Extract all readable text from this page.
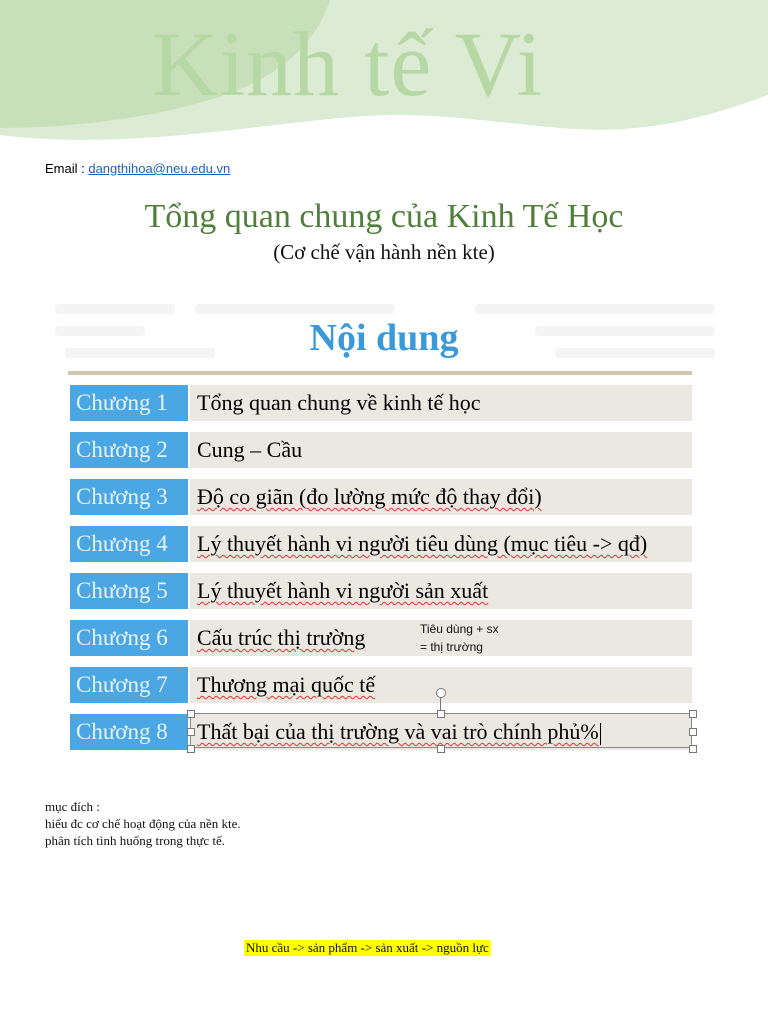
Kinh tế Vi
Email : dangthihoa@neu.edu.vn
Tổng quan chung của Kinh Tế Học
(Cơ chế vận hành nền kte)
Nội dung
Chương 1	Tổng quan chung về kinh tế học
Chương 2	Cung – Cầu
Chương 3	Độ co giãn (đo lường mức độ thay đổi)
Chương 4	Lý thuyết hành vi người tiêu dùng (mục tiêu -> qđ)
Chương 5	Lý thuyết hành vi người sản xuất
Chương 6	Cấu trúc thị trường
Chương 7	Thương mại quốc tế
Chương 8	Thất bại của thị trường và vai trò chính phủ%
Tiêu dùng + sx
= thị trường
mục đích :
hiểu đc cơ chế hoạt động của nền kte.
phân tích tình huống trong thực tế.
Nhu cầu -> sản phẩm -> sản xuất -> nguồn lực
